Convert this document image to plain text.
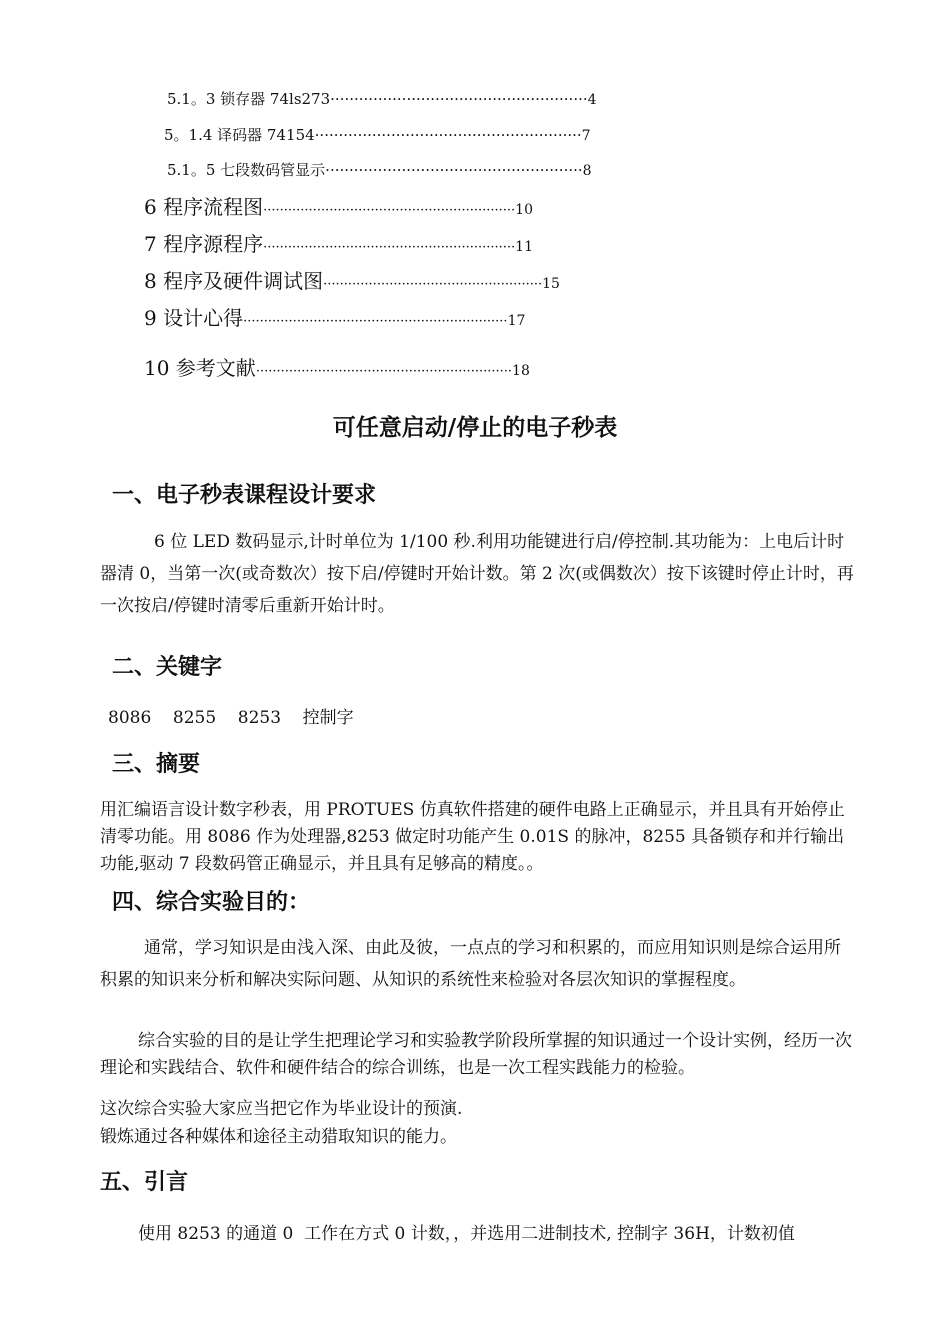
5.1。3 锁存器 74ls273······················································4
5。1.4 译码器 74154························································7
5.1。5 七段数码管显示······················································8
6 程序流程图·····························································10
7 程序源程序·····························································11
8 程序及硬件调试图·····················································15
9 设计心得································································17
10 参考文献······························································18
可任意启动/停止的电子秒表
一、电子秒表课程设计要求
6 位 LED 数码显示,计时单位为 1/100 秒.利用功能键进行启/停控制.其功能为：上电后计时器清 0，当第一次(或奇数次）按下启/停键时开始计数。第 2 次(或偶数次）按下该键时停止计时，再一次按启/停键时清零后重新开始计时。
二、关键字
8086    8255    8253    控制字
三、摘要
用汇编语言设计数字秒表，用 PROTUES 仿真软件搭建的硬件电路上正确显示，并且具有开始停止清零功能。用 8086 作为处理器,8253 做定时功能产生 0.01S 的脉冲，8255 具备锁存和并行输出功能,驱动 7 段数码管正确显示，并且具有足够高的精度。。
四、综合实验目的：
通常，学习知识是由浅入深、由此及彼，一点点的学习和积累的，而应用知识则是综合运用所积累的知识来分析和解决实际问题、从知识的系统性来检验对各层次知识的掌握程度。
综合实验的目的是让学生把理论学习和实验教学阶段所掌握的知识通过一个设计实例，经历一次理论和实践结合、软件和硬件结合的综合训练，也是一次工程实践能力的检验。
这次综合实验大家应当把它作为毕业设计的预演.
锻炼通过各种媒体和途径主动猎取知识的能力。
五、引言
使用 8253 的通道 0  工作在方式 0 计数，，并选用二进制技术, 控制字 36H，计数初值
